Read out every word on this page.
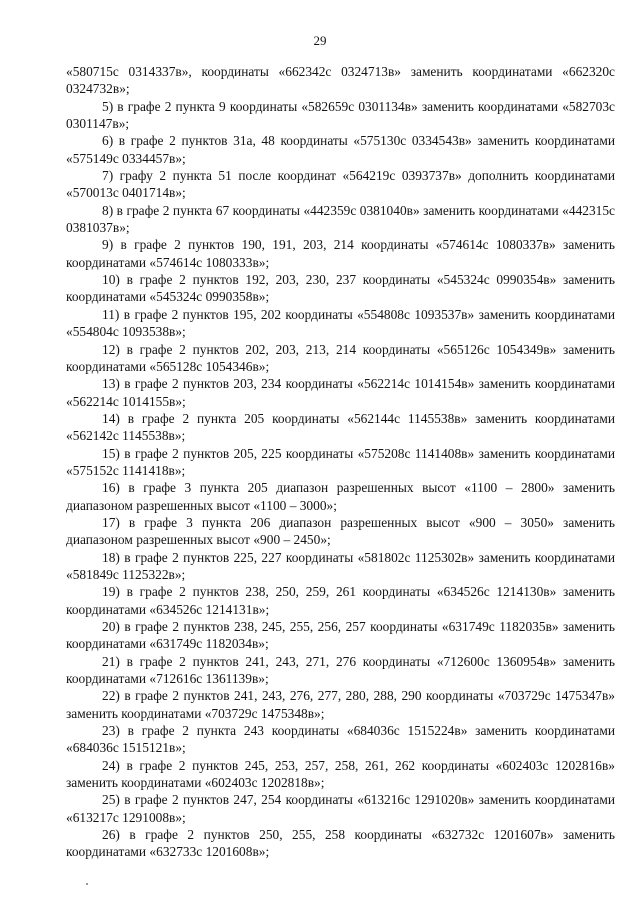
29

«580715с 0314337в», координаты «662342с 0324713в» заменить координатами «662320с 0324732в»;

5) в графе 2 пункта 9 координаты «582659с 0301134в» заменить координатами «582703с 0301147в»;

6) в графе 2 пунктов 31а, 48 координаты «575130с 0334543в» заменить координатами «575149с 0334457в»;

7) графу 2 пункта 51 после координат «564219с 0393737в» дополнить координатами «570013с 0401714в»;

8) в графе 2 пункта 67 координаты «442359с 0381040в» заменить координатами «442315с 0381037в»;

9) в графе 2 пунктов 190, 191, 203, 214 координаты «574614с 1080337в» заменить координатами «574614с 1080333в»;

10) в графе 2 пунктов 192, 203, 230, 237 координаты «545324с 0990354в» заменить координатами «545324с 0990358в»;

11) в графе 2 пунктов 195, 202 координаты «554808с 1093537в» заменить координатами «554804с 1093538в»;

12) в графе 2 пунктов 202, 203, 213, 214 координаты «565126с 1054349в» заменить координатами «565128с 1054346в»;

13) в графе 2 пунктов 203, 234 координаты «562214с 1014154в» заменить координатами «562214с 1014155в»;

14) в графе 2 пункта 205 координаты «562144с 1145538в» заменить координатами «562142с 1145538в»;

15) в графе 2 пунктов 205, 225 координаты «575208с 1141408в» заменить координатами «575152с 1141418в»;

16) в графе 3 пункта 205 диапазон разрешенных высот «1100 – 2800» заменить диапазоном разрешенных высот «1100 – 3000»;

17) в графе 3 пункта 206 диапазон разрешенных высот «900 – 3050» заменить диапазоном разрешенных высот «900 – 2450»;

18) в графе 2 пунктов 225, 227 координаты «581802с 1125302в» заменить координатами «581849с 1125322в»;

19) в графе 2 пунктов 238, 250, 259, 261 координаты «634526с 1214130в» заменить координатами «634526с 1214131в»;

20) в графе 2 пунктов 238, 245, 255, 256, 257 координаты «631749с 1182035в» заменить координатами «631749с 1182034в»;

21) в графе 2 пунктов 241, 243, 271, 276 координаты «712600с 1360954в» заменить координатами «712616с 1361139в»;

22) в графе 2 пунктов 241, 243, 276, 277, 280, 288, 290 координаты «703729с 1475347в» заменить координатами «703729с 1475348в»;

23) в графе 2 пункта 243 координаты «684036с 1515224в» заменить координатами «684036с 1515121в»;

24) в графе 2 пунктов 245, 253, 257, 258, 261, 262 координаты «602403с 1202816в» заменить координатами «602403с 1202818в»;

25) в графе 2 пунктов 247, 254 координаты «613216с 1291020в» заменить координатами «613217с 1291008в»;

26) в графе 2 пунктов 250, 255, 258 координаты «632732с 1201607в» заменить координатами «632733с 1201608в»;
